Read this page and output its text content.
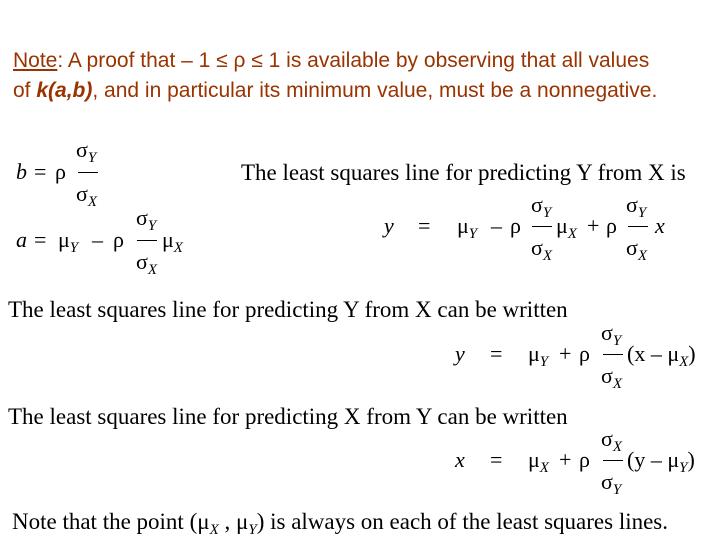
Note: A proof that – 1 ≤ ρ ≤ 1 is available by observing that all values
of k(a,b), and in particular its minimum value, must be a nonnegative.
$\sigma_Y$
b = ρ
$\sigma_X$
$\sigma_Y$
$a = \mu_Y - \rho$ $\mu_X$
$\sigma_X$
The least squares line for predicting Y from X is
$\sigma_Y$	$\sigma_Y$
$y = \mu_Y - \rho$ $\mu_X + \rho$ x
$\sigma_X$	$\sigma_X$
The least squares line for predicting Y from X can be written
$\sigma_Y$
$y = \mu_Y + \rho$ $(x - \mu_X)$
$\sigma_X$
The least squares line for predicting X from Y can be written
$\sigma_X$
$x = \mu_X + \rho$ $(y - \mu_Y)$
$\sigma_Y$
Note that the point ($\mu_X$ , $\mu_Y$) is always on each of the least squares lines.
